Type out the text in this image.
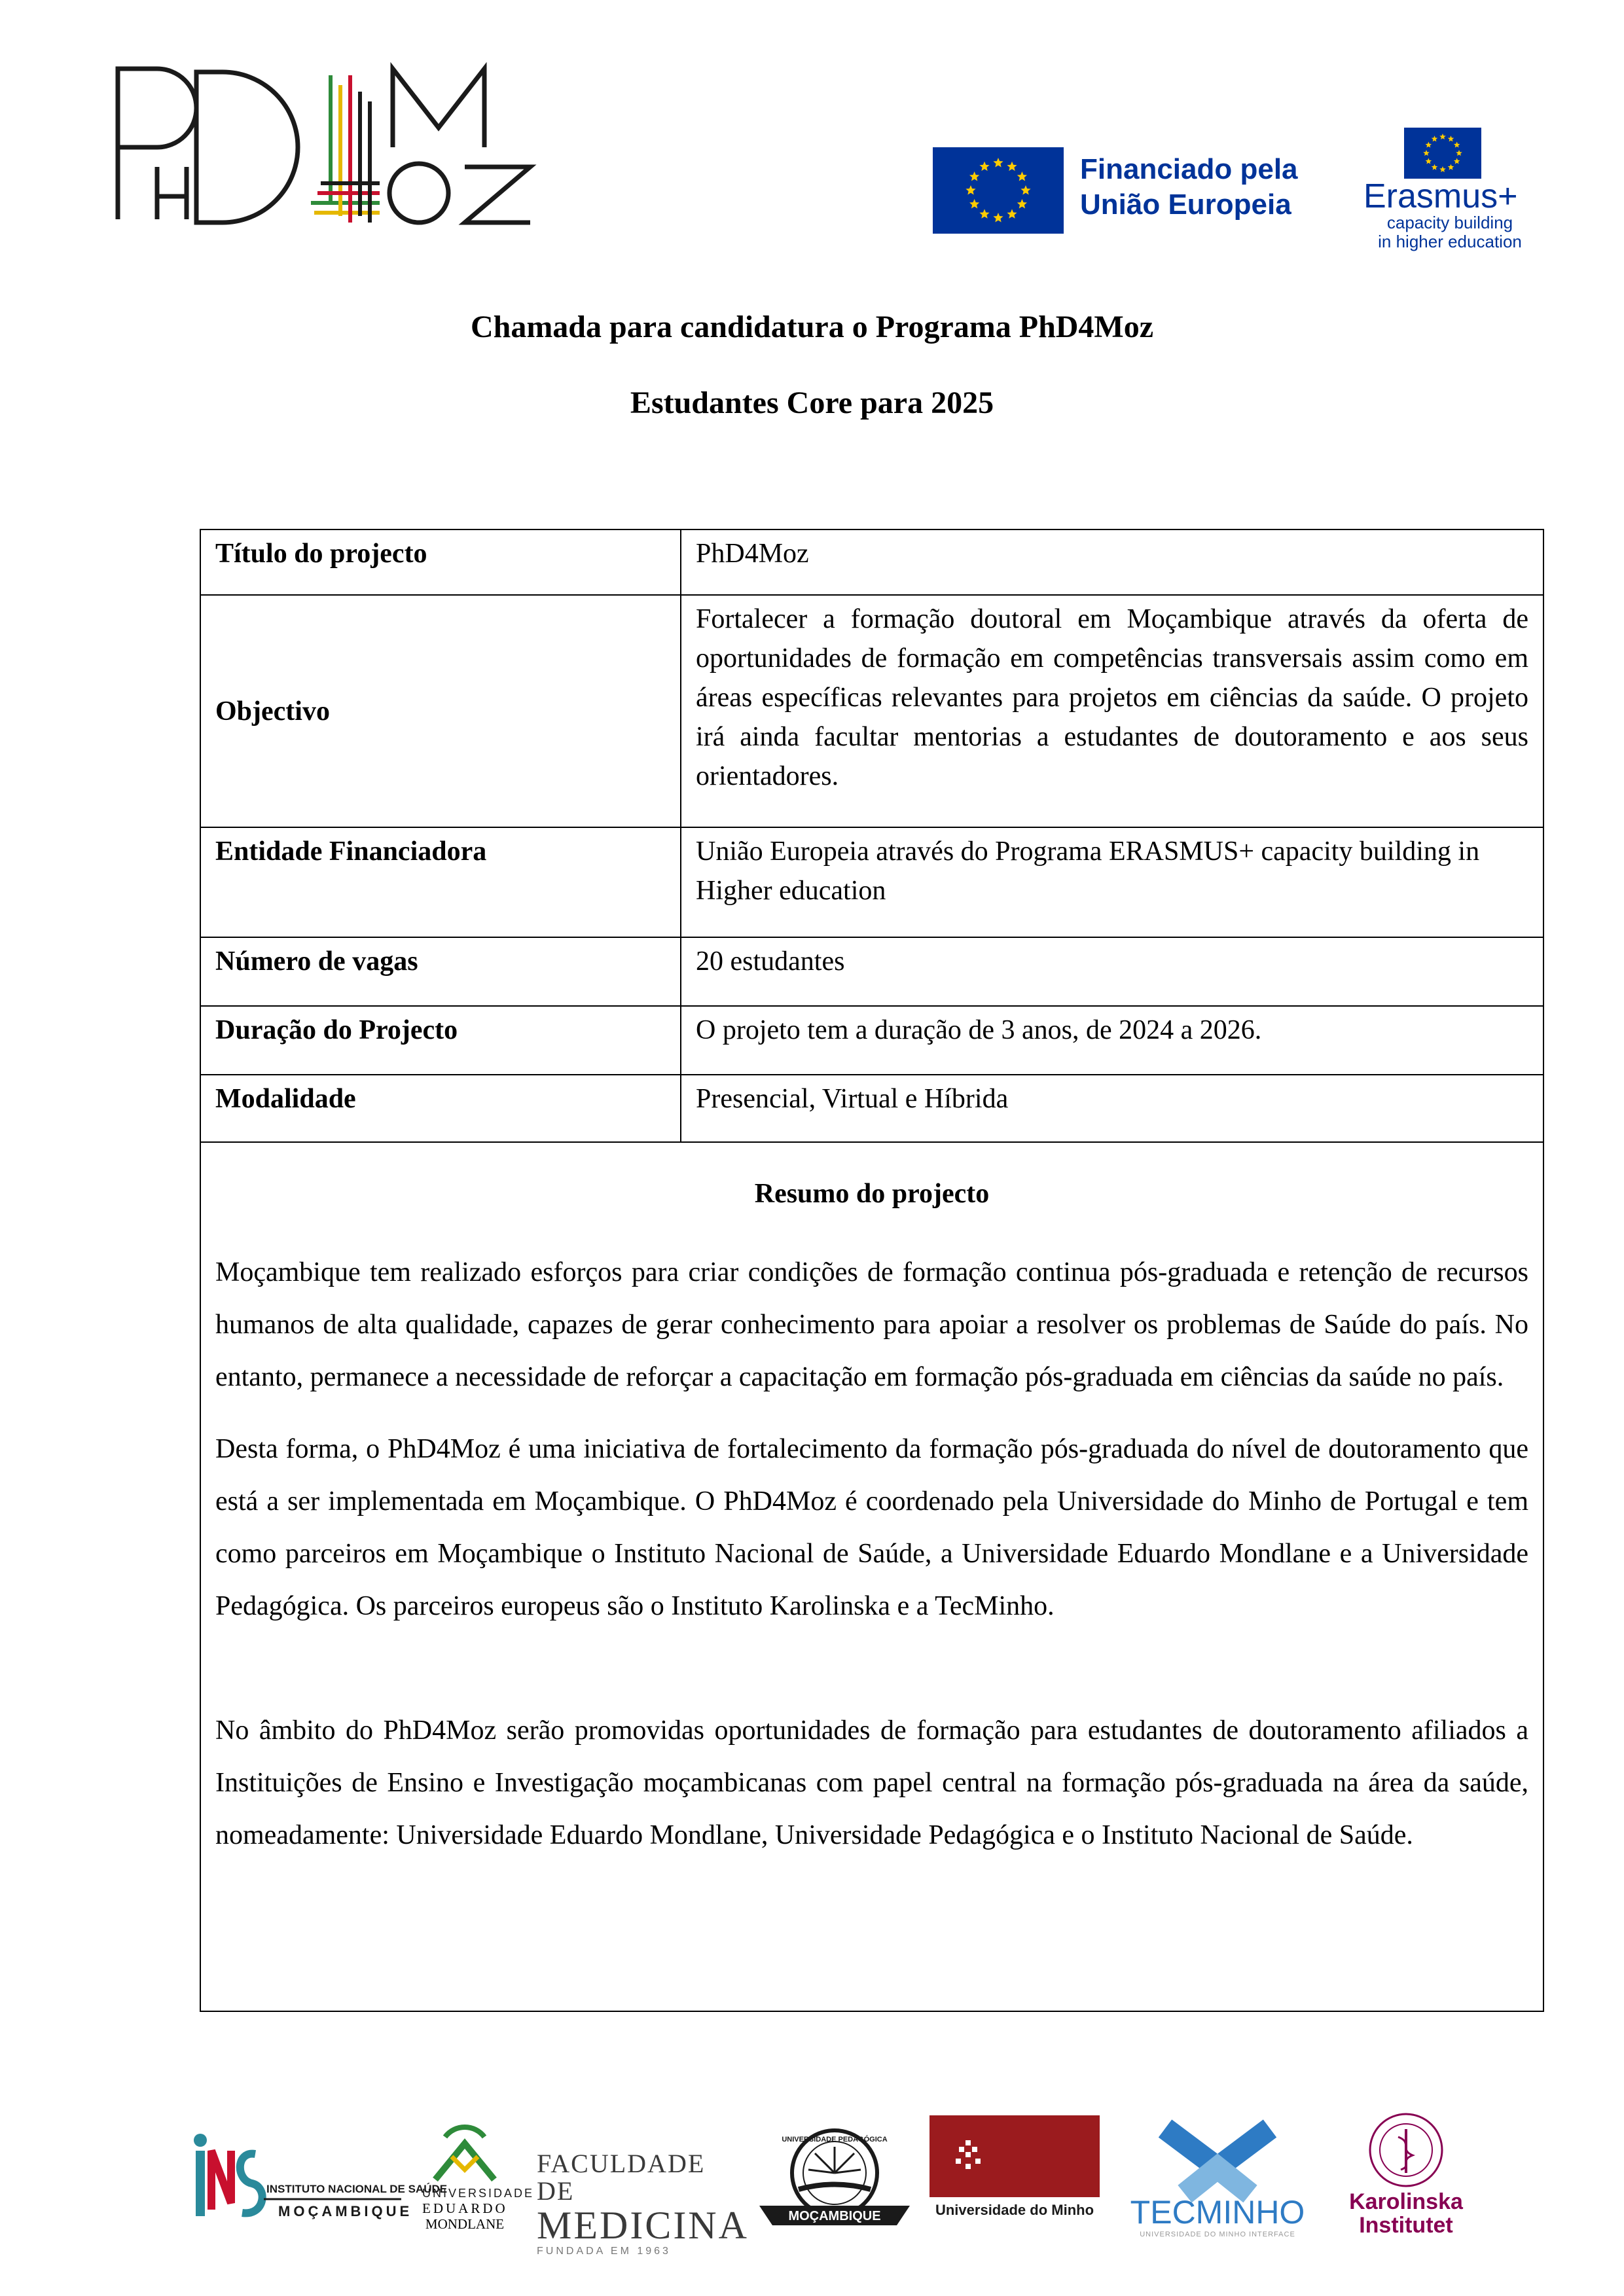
Financiado pela
União Europeia Erasmus+
capacity building
in higher education
Chamada para candidatura o Programa PhD4Moz
Estudantes Core para 2025
Título do projecto	PhD4Moz
Objectivo	Fortalecer a formação doutoral em Moçambique através da oferta de oportunidades de formação em competências transversais assim como em áreas específicas relevantes para projetos em ciências da saúde. O projeto irá ainda facultar mentorias a estudantes de doutoramento e aos seus orientadores.
Entidade Financiadora	União Europeia através do Programa ERASMUS+ capacity building in Higher education
Número de vagas	20 estudantes
Duração do Projecto	O projeto tem a duração de 3 anos, de 2024 a 2026.
Modalidade	Presencial, Virtual e Híbrida
Resumo do projecto

Moçambique tem realizado esforços para criar condições de formação continua pós-graduada e retenção de recursos humanos de alta qualidade, capazes de gerar conhecimento para apoiar a resolver os problemas de Saúde do país. No entanto, permanece a necessidade de reforçar a capacitação em formação pós-graduada em ciências da saúde no país.

Desta forma, o PhD4Moz é uma iniciativa de fortalecimento da formação pós-graduada do nível de doutoramento que está a ser implementada em Moçambique. O PhD4Moz é coordenado pela Universidade do Minho de Portugal e tem como parceiros em Moçambique o Instituto Nacional de Saúde, a Universidade Eduardo Mondlane e a Universidade Pedagógica. Os parceiros europeus são o Instituto Karolinska e a TecMinho.

No âmbito do PhD4Moz serão promovidas oportunidades de formação para estudantes de doutoramento afiliados a Instituições de Ensino e Investigação moçambicanas com papel central na formação pós-graduada na área da saúde, nomeadamente: Universidade Eduardo Mondlane, Universidade Pedagógica e o Instituto Nacional de Saúde.

INSTITUTO NACIONAL DE SAÚDE
MOÇAMBIQUE
UNIVERSIDADE
EDUARDO
MONDLANE
FACULDADE DE
MEDICINA
FUNDADA EM 1963
MOÇAMBIQUE
UNIVERSIDADE PEDAGÓGICA
Universidade do Minho TECMINHO
UNIVERSIDADE DO MINHO INTERFACE
Karolinska
Institutet
